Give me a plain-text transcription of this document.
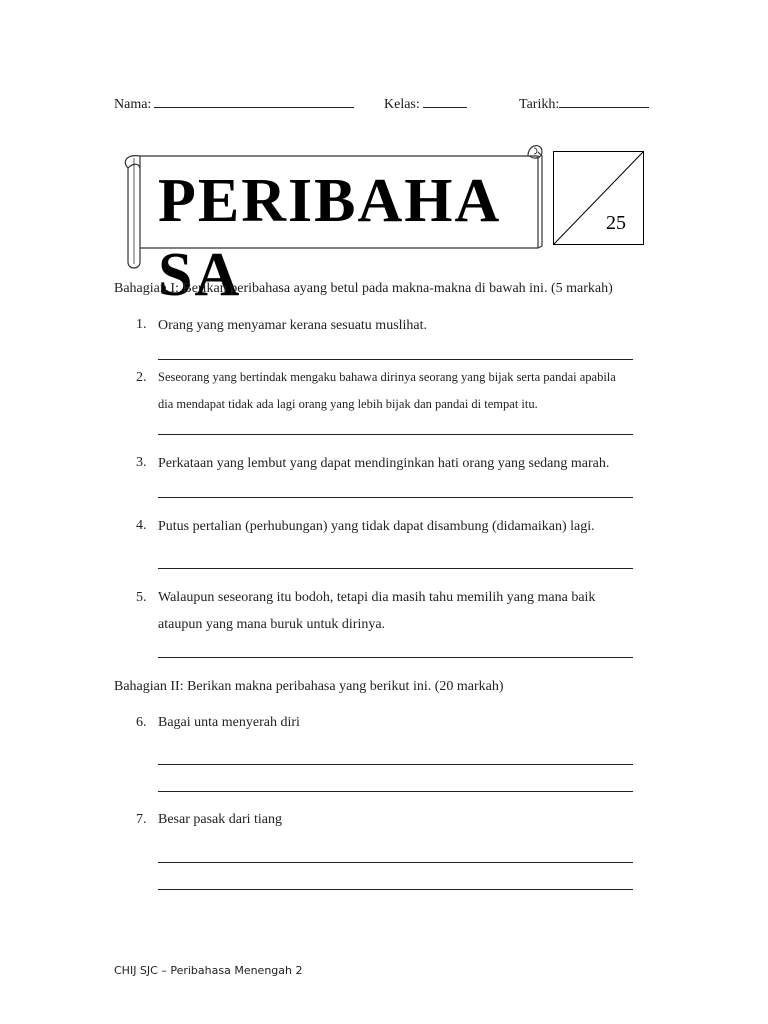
Nama:	Kelas:	Tarikh:
PERIBAHASA
25
Bahagian I: Berikan peribahasa ayang betul pada makna-makna di bawah ini. (5 markah)
1. Orang yang menyamar kerana sesuatu muslihat.
2. Seseorang yang bertindak mengaku bahawa dirinya seorang yang bijak serta pandai apabila dia mendapat tidak ada lagi orang yang lebih bijak dan pandai di tempat itu.
3. Perkataan yang lembut yang dapat mendinginkan hati orang yang sedang marah.
4. Putus pertalian (perhubungan) yang tidak dapat disambung (didamaikan) lagi.
5. Walaupun seseorang itu bodoh, tetapi dia masih tahu memilih yang mana baik ataupun yang mana buruk untuk dirinya.
Bahagian II: Berikan makna peribahasa yang berikut ini. (20 markah)
6. Bagai unta menyerah diri
7. Besar pasak dari tiang
CHIJ SJC – Peribahasa Menengah 2
